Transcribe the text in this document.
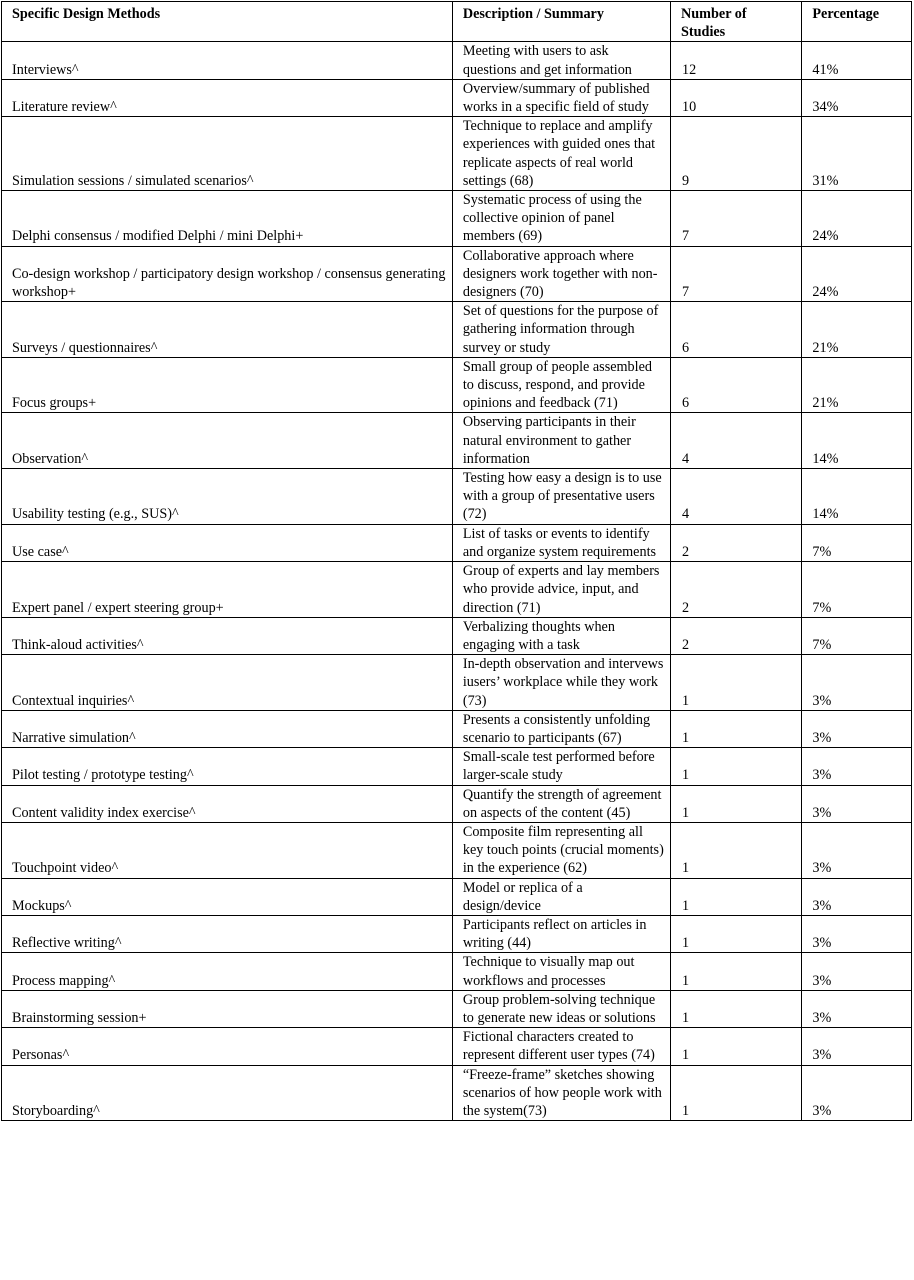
Specific Design Methods	Description / Summary	Number of Studies	Percentage
Interviews^	Meeting with users to ask questions and get information	12	41%
Literature review^	Overview/summary of published works in a specific field of study	10	34%
Simulation sessions / simulated scenarios^	Technique to replace and amplify experiences with guided ones that replicate aspects of real world settings (68)	9	31%
Delphi consensus / modified Delphi / mini Delphi+	Systematic process of using the collective opinion of panel members (69)	7	24%
Co-design workshop / participatory design workshop / consensus generating workshop+	Collaborative approach where designers work together with non-designers (70)	7	24%
Surveys / questionnaires^	Set of questions for the purpose of gathering information through survey or study	6	21%
Focus groups+	Small group of people assembled to discuss, respond, and provide opinions and feedback (71)	6	21%
Observation^	Observing participants in their natural environment to gather information	4	14%
Usability testing (e.g., SUS)^	Testing how easy a design is to use with a group of presentative users (72)	4	14%
Use case^	List of tasks or events to identify and organize system requirements	2	7%
Expert panel / expert steering group+	Group of experts and lay members who provide advice, input, and direction (71)	2	7%
Think-aloud activities^	Verbalizing thoughts when engaging with a task	2	7%
Contextual inquiries^	In-depth observation and intervews iusers’ workplace while they work (73)	1	3%
Narrative simulation^	Presents a consistently unfolding scenario to participants (67)	1	3%
Pilot testing / prototype testing^	Small-scale test performed before larger-scale study	1	3%
Content validity index exercise^	Quantify the strength of agreement on aspects of the content (45)	1	3%
Touchpoint video^	Composite film representing all key touch points (crucial moments) in the experience (62)	1	3%
Mockups^	Model or replica of a design/device	1	3%
Reflective writing^	Participants reflect on articles in writing (44)	1	3%
Process mapping^	Technique to visually map out workflows and processes	1	3%
Brainstorming session+	Group problem-solving technique to generate new ideas or solutions	1	3%
Personas^	Fictional characters created to represent different user types (74)	1	3%
Storyboarding^	“Freeze-frame” sketches showing scenarios of how people work with the system(73)	1	3%
